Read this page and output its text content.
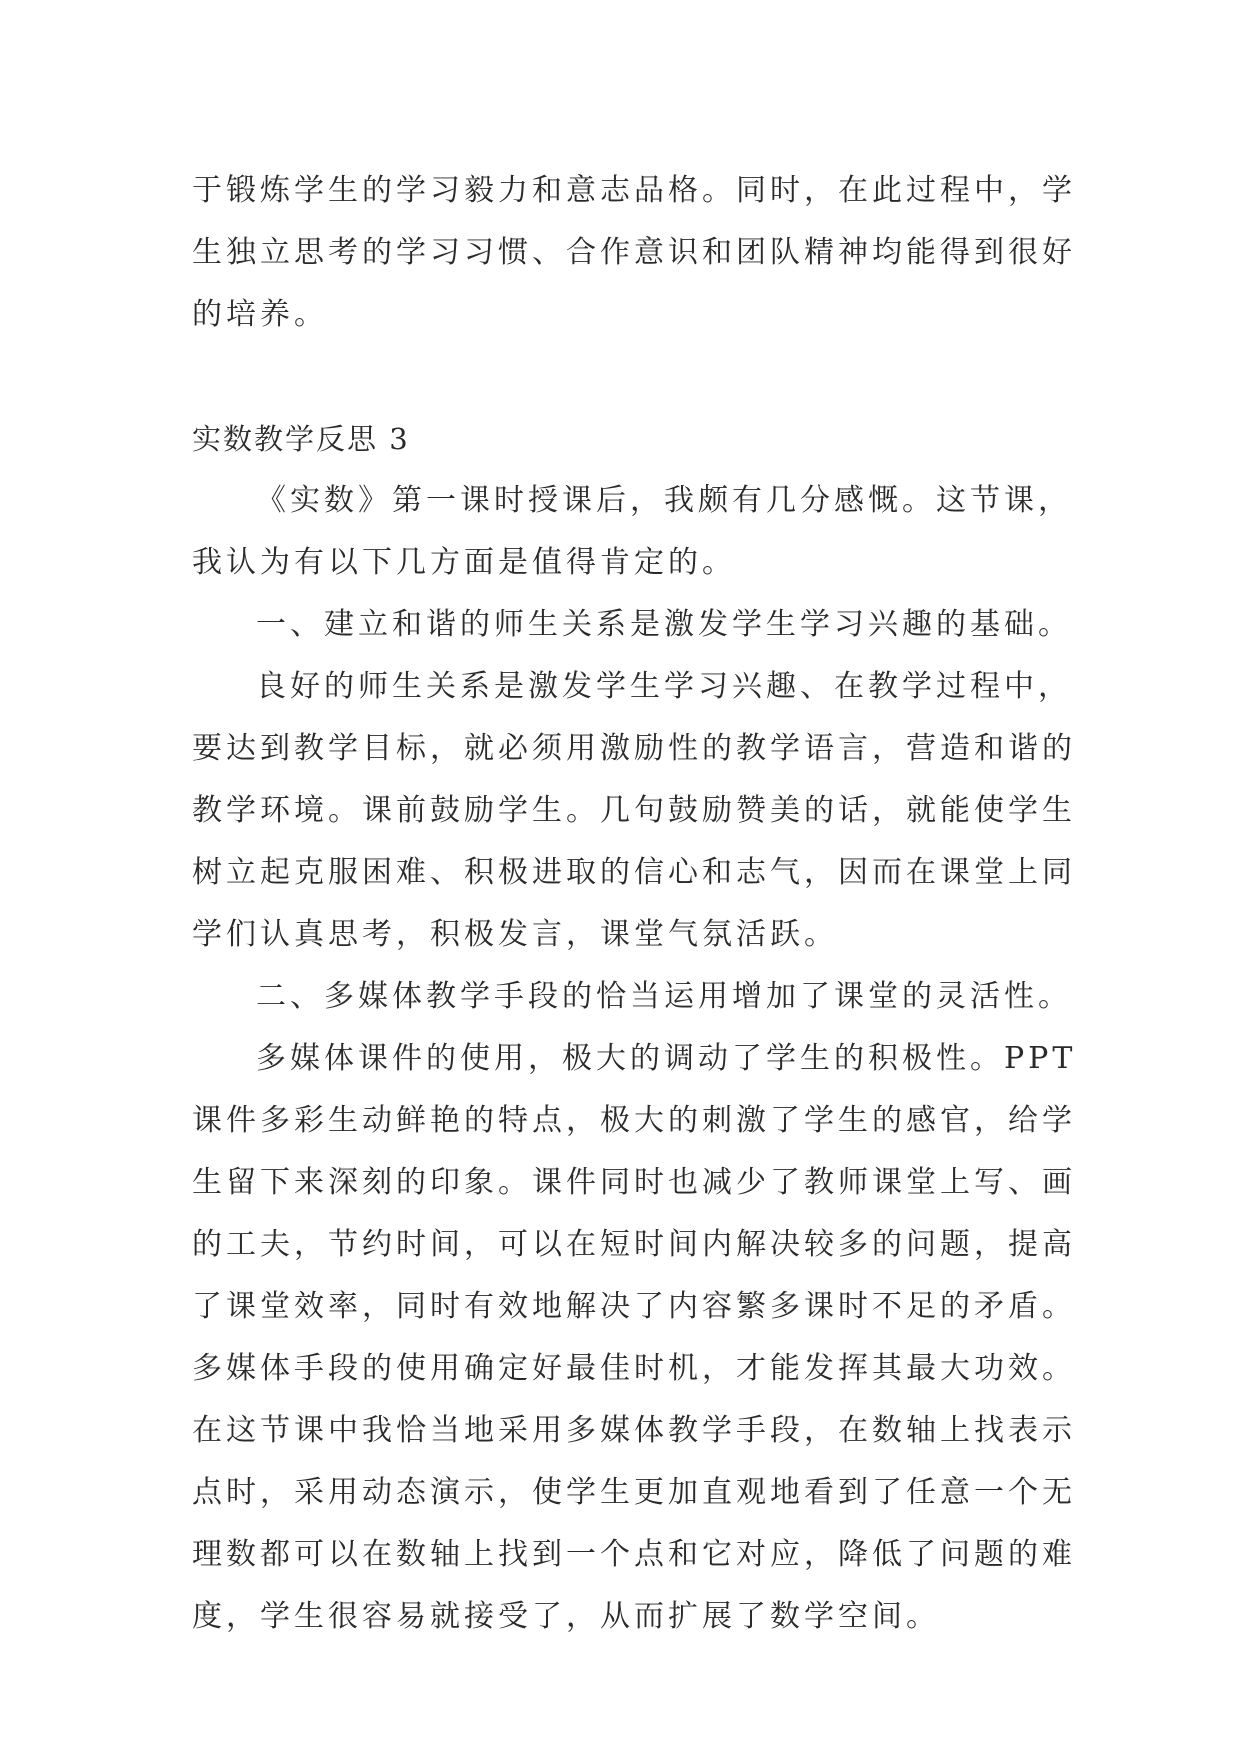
于锻炼学生的学习毅力和意志品格。同时，在此过程中，学
生独立思考的学习习惯、合作意识和团队精神均能得到很好
的培养。
实数教学反思 3
《实数》第一课时授课后，我颇有几分感慨。这节课，
我认为有以下几方面是值得肯定的。
一、建立和谐的师生关系是激发学生学习兴趣的基础。
良好的师生关系是激发学生学习兴趣、在教学过程中，
要达到教学目标，就必须用激励性的教学语言，营造和谐的
教学环境。课前鼓励学生。几句鼓励赞美的话，就能使学生
树立起克服困难、积极进取的信心和志气，因而在课堂上同
学们认真思考，积极发言，课堂气氛活跃。
二、多媒体教学手段的恰当运用增加了课堂的灵活性。
多媒体课件的使用，极大的调动了学生的积极性。PPT
课件多彩生动鲜艳的特点，极大的刺激了学生的感官，给学
生留下来深刻的印象。课件同时也减少了教师课堂上写、画
的工夫，节约时间，可以在短时间内解决较多的问题，提高
了课堂效率，同时有效地解决了内容繁多课时不足的矛盾。
多媒体手段的使用确定好最佳时机，才能发挥其最大功效。
在这节课中我恰当地采用多媒体教学手段，在数轴上找表示
点时，采用动态演示，使学生更加直观地看到了任意一个无
理数都可以在数轴上找到一个点和它对应，降低了问题的难
度，学生很容易就接受了，从而扩展了数学空间。
